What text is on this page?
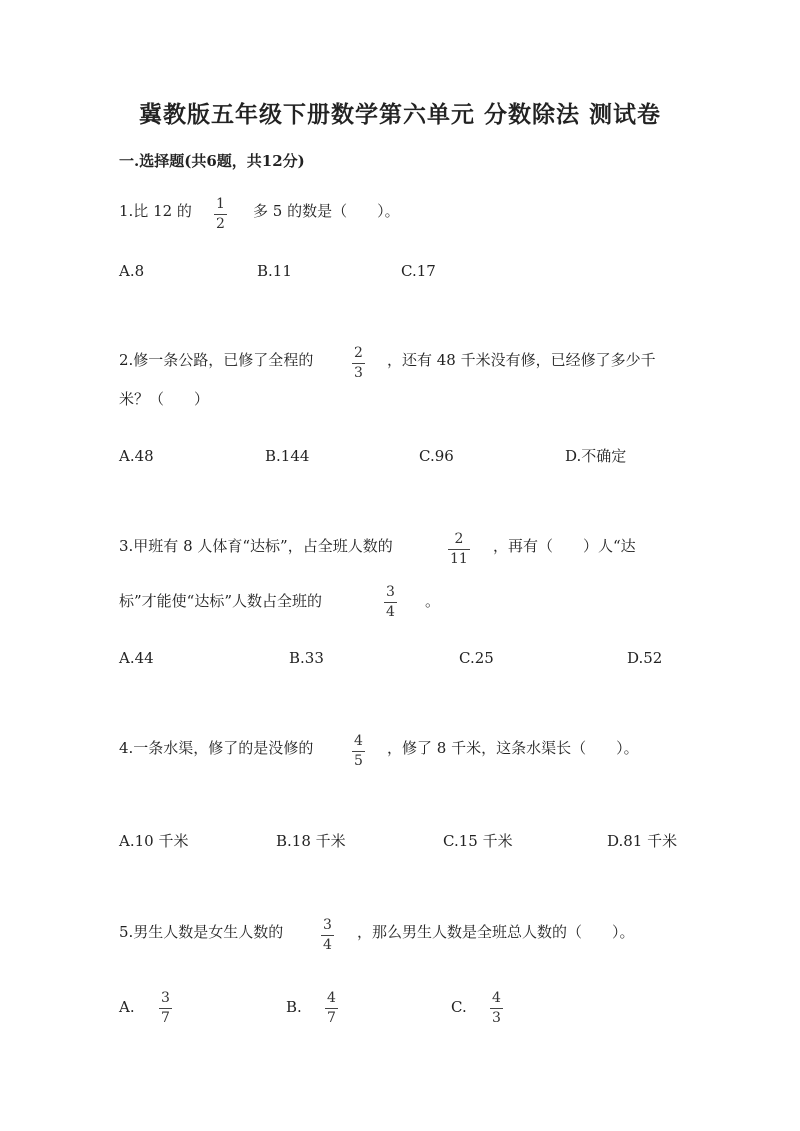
冀教版五年级下册数学第六单元 分数除法 测试卷
一.选择题(共6题，共12分)
1.比 12 的 1
2
多 5 的数是（　　）。
A.8	B.11	C.17
2.修一条公路，已修了全程的	2
3
，还有 48 千米没有修，已经修了多少千
米？（　　）
A.48	B.144	C.96	D.不确定
3.甲班有 8 人体育“达标”，占全班人数的	2
11
，再有（　　）人“达
标”才能使“达标”人数占全班的	3
4
。
A.44	B.33	C.25	D.52
4.一条水渠，修了的是没修的	4
5
，修了 8 千米，这条水渠长（　　）。
A.10 千米	B.18 千米	C.15 千米	D.81 千米
5.男生人数是女生人数的	3
4
，那么男生人数是全班总人数的（　　）。
A. 3
7
B. 4
7
C. 4
3
